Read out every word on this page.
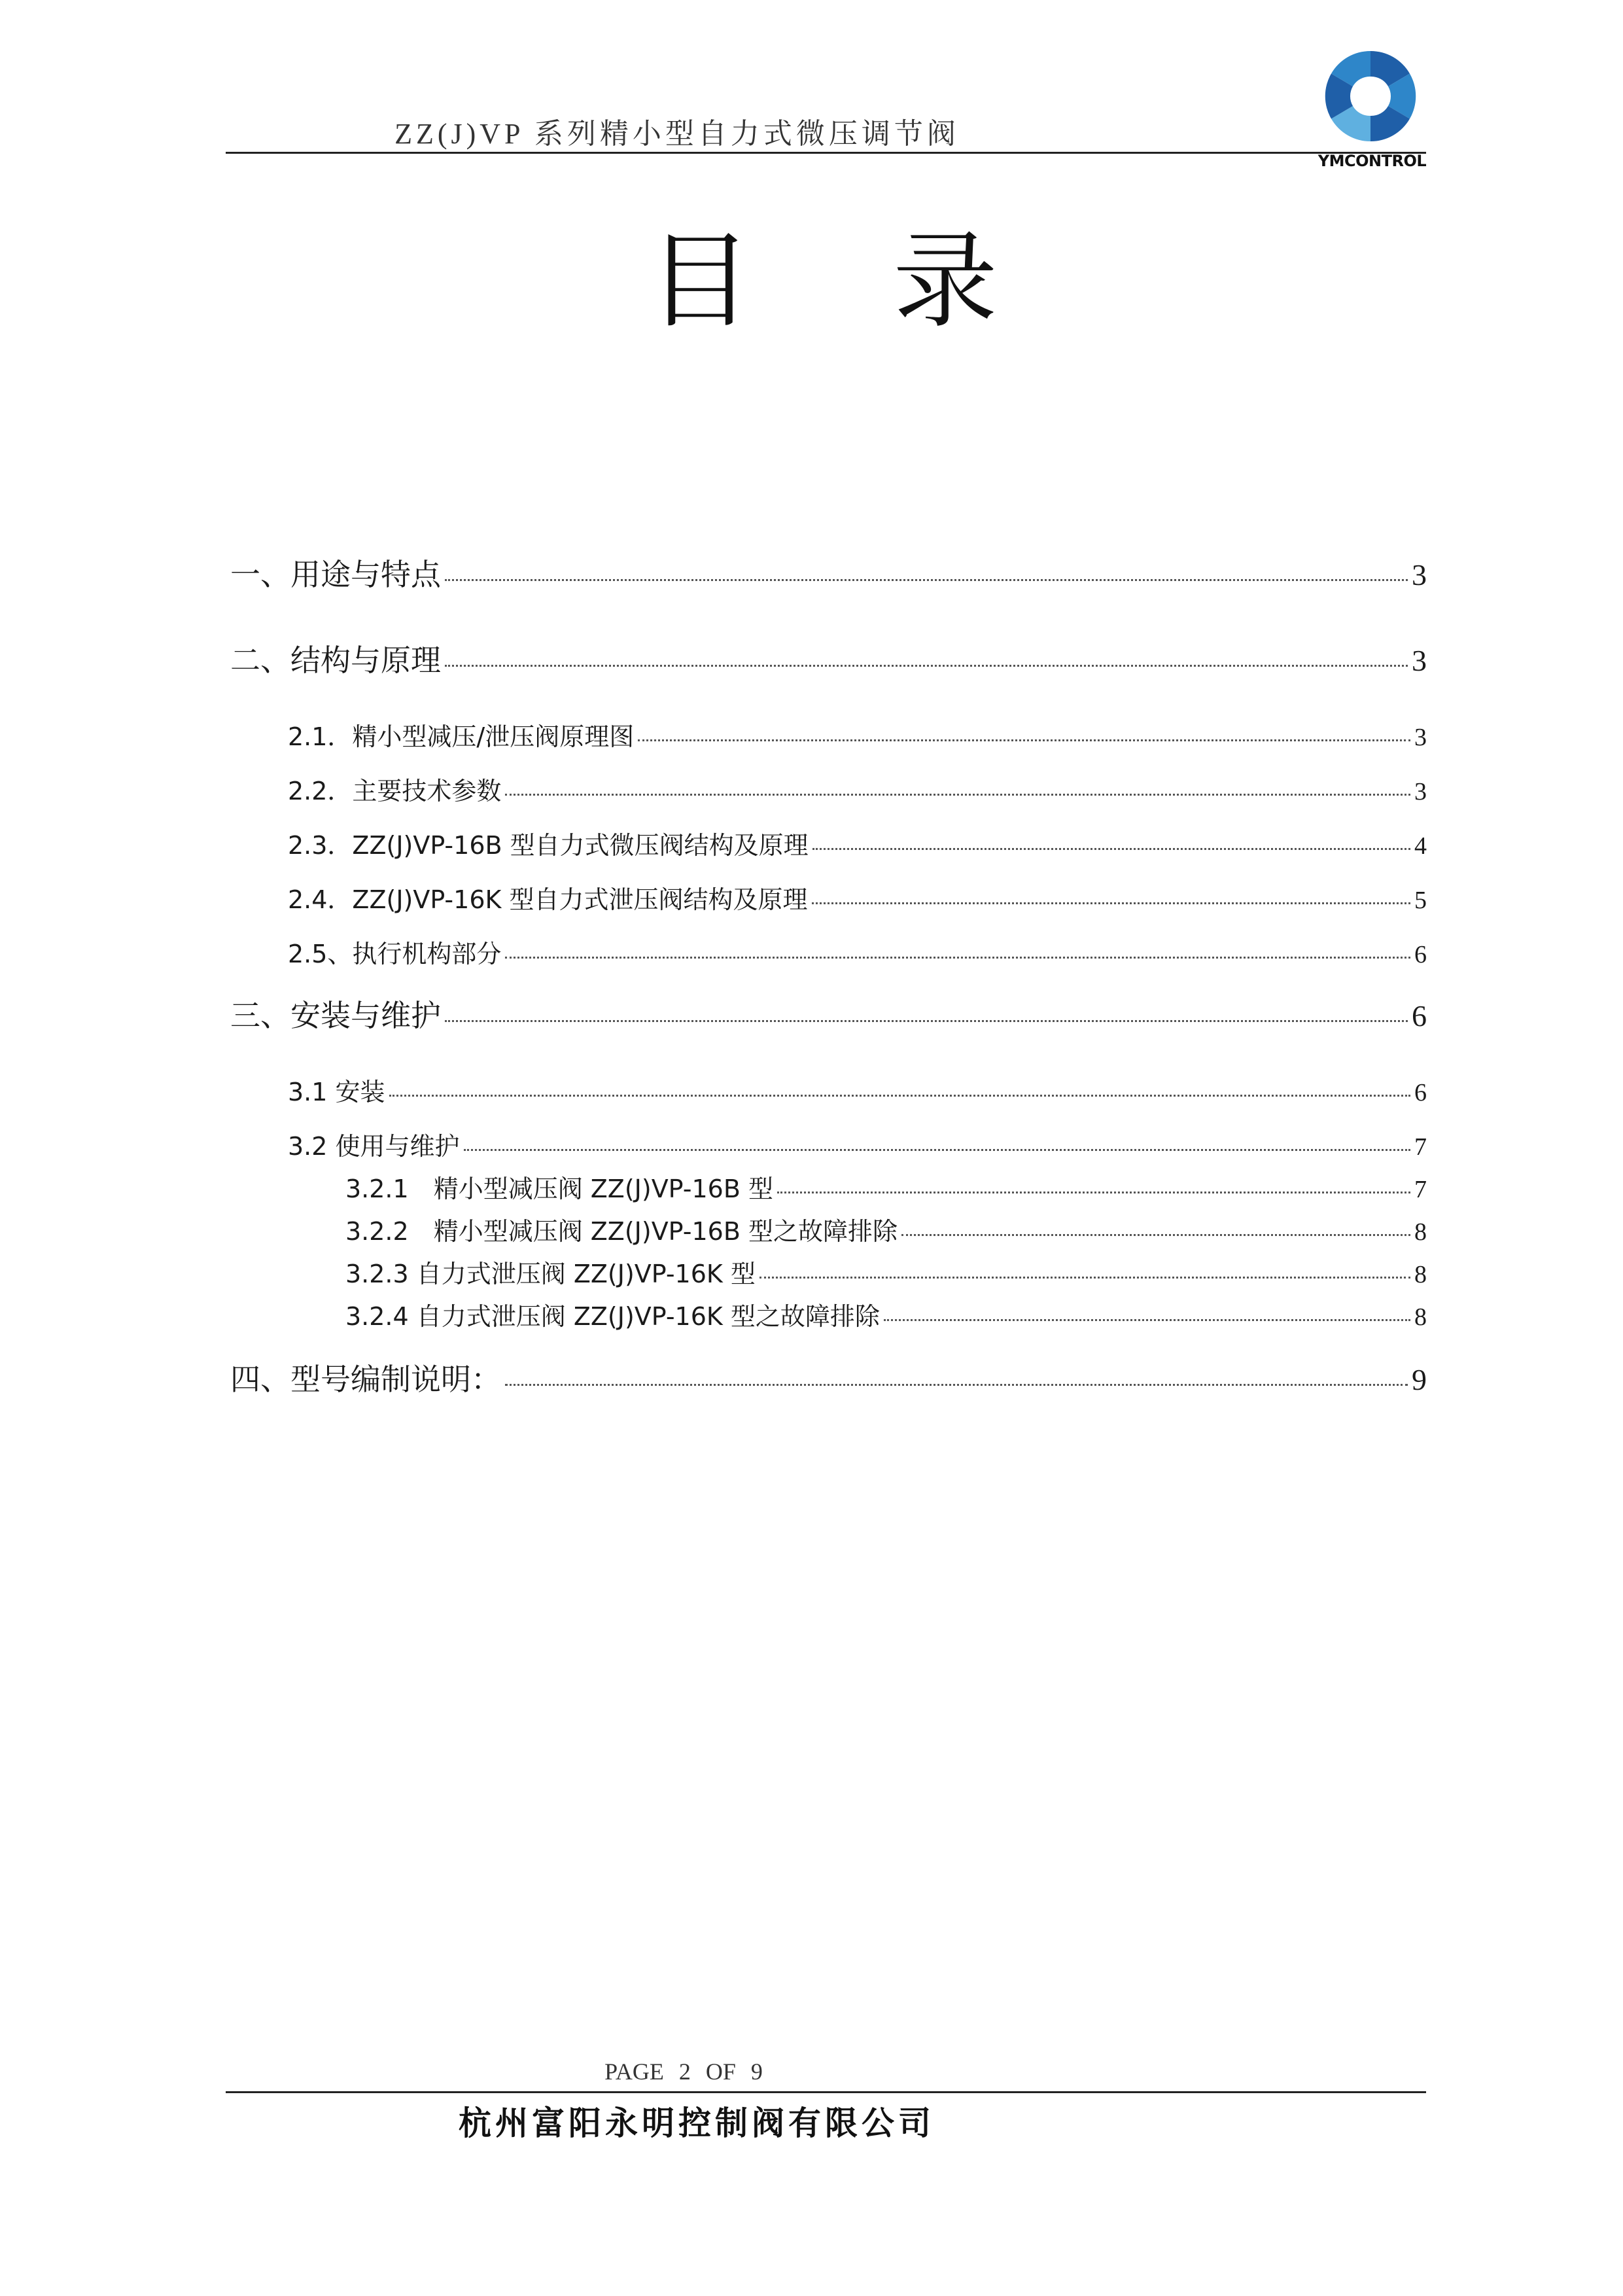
ZZ(J)VP 系列精小型自力式微压调节阀
YMCONTROL
目 录
一、用途与特点	3
二、结构与原理	3
2.1．精小型减压/泄压阀原理图	3
2.2．主要技术参数	3
2.3．ZZ(J)VP-16B 型自力式微压阀结构及原理	4
2.4．ZZ(J)VP-16K 型自力式泄压阀结构及原理	5
2.5、执行机构部分	6
三、安装与维护	6
3.1 安装	6
3.2 使用与维护	7
3.2.1　精小型减压阀 ZZ(J)VP-16B 型	7
3.2.2　精小型减压阀 ZZ(J)VP-16B 型之故障排除	8
3.2.3 自力式泄压阀 ZZ(J)VP-16K 型	8
3.2.4 自力式泄压阀 ZZ(J)VP-16K 型之故障排除	8
四、型号编制说明：	9
PAGE 2 OF 9
杭州富阳永明控制阀有限公司
